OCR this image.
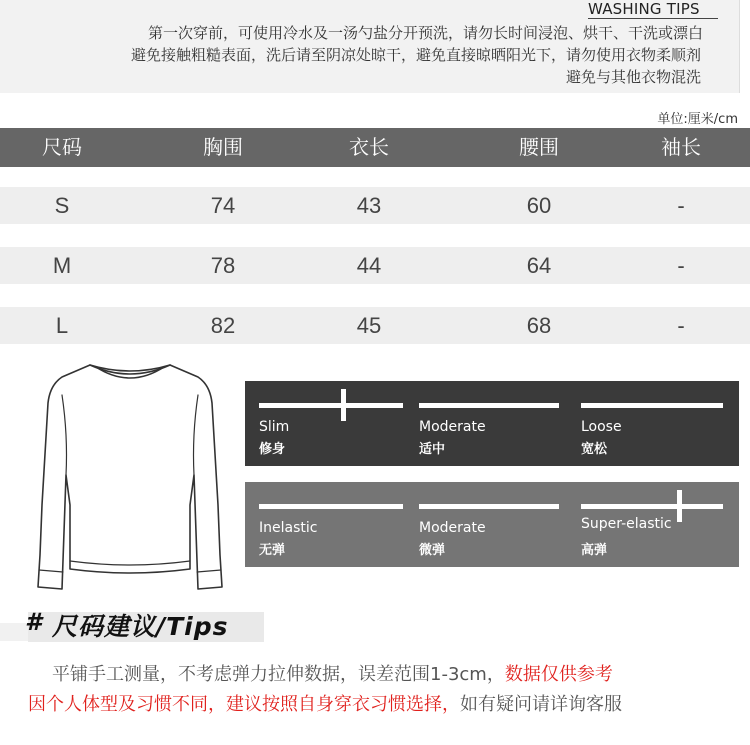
WASHING TIPS
第一次穿前，可使用冷水及一汤勺盐分开预洗，请勿长时间浸泡、烘干、干洗或漂白
避免接触粗糙表面，洗后请至阴凉处晾干，避免直接晾晒阳光下，请勿使用衣物柔顺剂
避免与其他衣物混洗
单位:厘米/cm
尺码	胸围	衣长	腰围	袖长
S	74	43	60	-
M	78	44	64	-
L	82	45	68	-
Slim
修身
Moderate
适中
Loose
宽松
Inelastic
无弹
Moderate
微弹
Super-elastic
高弹
# 尺码建议/Tips
平铺手工测量，不考虑弹力拉伸数据，误差范围1-3cm，数据仅供参考
因个人体型及习惯不同，建议按照自身穿衣习惯选择，如有疑问请详询客服
